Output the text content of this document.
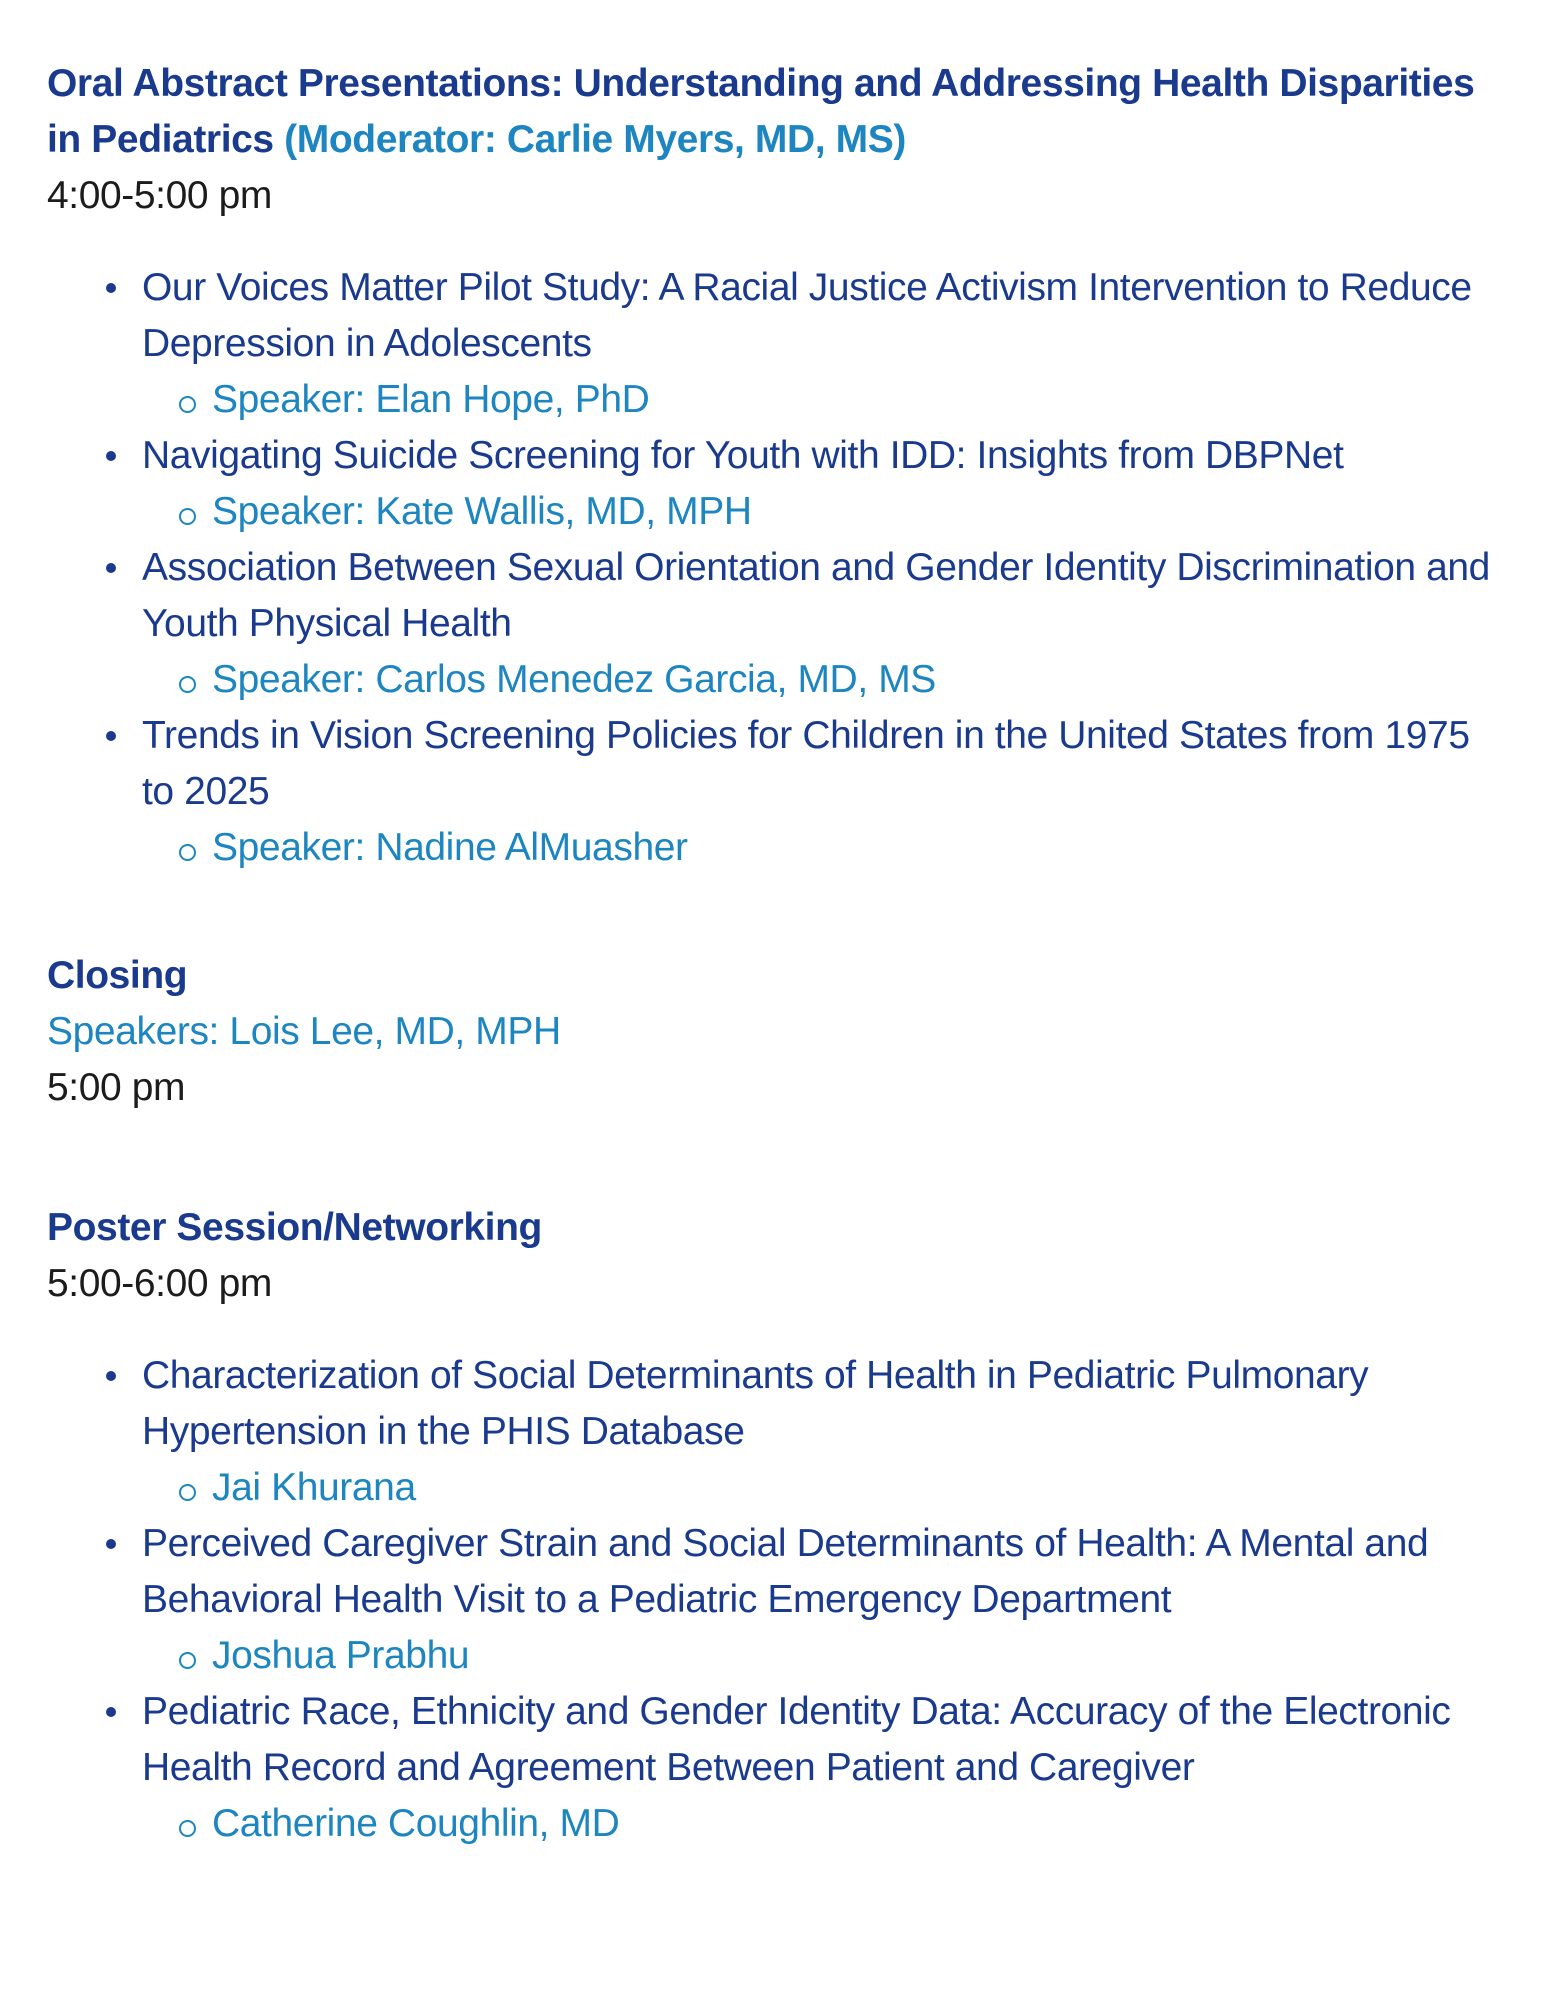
Oral Abstract Presentations: Understanding and Addressing Health Disparities in Pediatrics (Moderator: Carlie Myers, MD, MS)

4:00-5:00 pm

Our Voices Matter Pilot Study: A Racial Justice Activism Intervention to Reduce Depression in Adolescents
Speaker: Elan Hope, PhD
Navigating Suicide Screening for Youth with IDD: Insights from DBPNet
Speaker: Kate Wallis, MD, MPH
Association Between Sexual Orientation and Gender Identity Discrimination and Youth Physical Health
Speaker: Carlos Menedez Garcia, MD, MS
Trends in Vision Screening Policies for Children in the United States from 1975 to 2025
Speaker: Nadine AlMuasher

Closing

Speakers: Lois Lee, MD, MPH

5:00 pm

Poster Session/Networking

5:00-6:00 pm

Characterization of Social Determinants of Health in Pediatric Pulmonary Hypertension in the PHIS Database
Jai Khurana
Perceived Caregiver Strain and Social Determinants of Health: A Mental and Behavioral Health Visit to a Pediatric Emergency Department
Joshua Prabhu
Pediatric Race, Ethnicity and Gender Identity Data: Accuracy of the Electronic Health Record and Agreement Between Patient and Caregiver
Catherine Coughlin, MD
